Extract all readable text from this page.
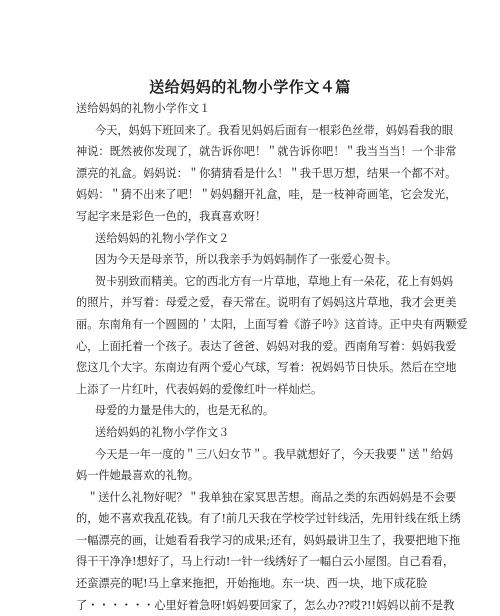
送给妈妈的礼物小学作文４篇

送给妈妈的礼物小学作文１

今天，妈妈下班回来了。我看见妈妈后面有一根彩色丝带，妈妈看我的眼

神说：既然被你发现了，就告诉你吧！＂就告诉你吧！＂我当当当！一个非常

漂亮的礼盒。妈妈说：＂你猜猜看是什么！＂我千思万想，结果一个都不对。

妈妈：＂猜不出来了吧！＂妈妈翻开礼盒，哇，是一枝神奇画笔，它会发光，

写起字来是彩色一色的，我真喜欢呀！

送给妈妈的礼物小学作文２

因为今天是母亲节，所以我亲手为妈妈制作了一张爱心贺卡。

贺卡别致而精美。它的西北方有一片草地，草地上有一朵花，花上有妈妈

的照片，并写着：母爱之爱，春天常在。说明有了妈妈这片草地，我才会更美

丽。东南角有一个圆圆的＇太阳，上面写着《游子吟》这首诗。正中央有两颗爱

心，上面托着一个孩子。表达了爸爸、妈妈对我的爱。西南角写着：妈妈我爱

您这几个大字。东南边有两个爱心气球，写着：祝妈妈节日快乐。然后在空地

上添了一片红叶，代表妈妈的爱像红叶一样灿烂。

母爱的力量是伟大的，也是无私的。

送给妈妈的礼物小学作文３

今天是一年一度的＂三八妇女节＂。我早就想好了，今天我要＂送＂给妈

妈一件她最喜欢的礼物。

＂送什么礼物好呢？＂我单独在家冥思苦想。商品之类的东西妈妈是不会要

的，她不喜欢我乱花钱。有了!前几天我在学校学过针线活，先用针线在纸上绣

一幅漂亮的画，让她看看我学习的成果;还有，妈妈最讲卫生了，我要把地下拖

得干干净净!想好了，马上行动!一针一线绣好了一幅白云小屋图。自己看看，

还蛮漂亮的呢!马上拿来拖把，开始拖地。东一块、西一块，地下成花脸

了・・・・・・心里好着急呀!妈妈要回家了，怎么办??哎?!!妈妈以前不是教
